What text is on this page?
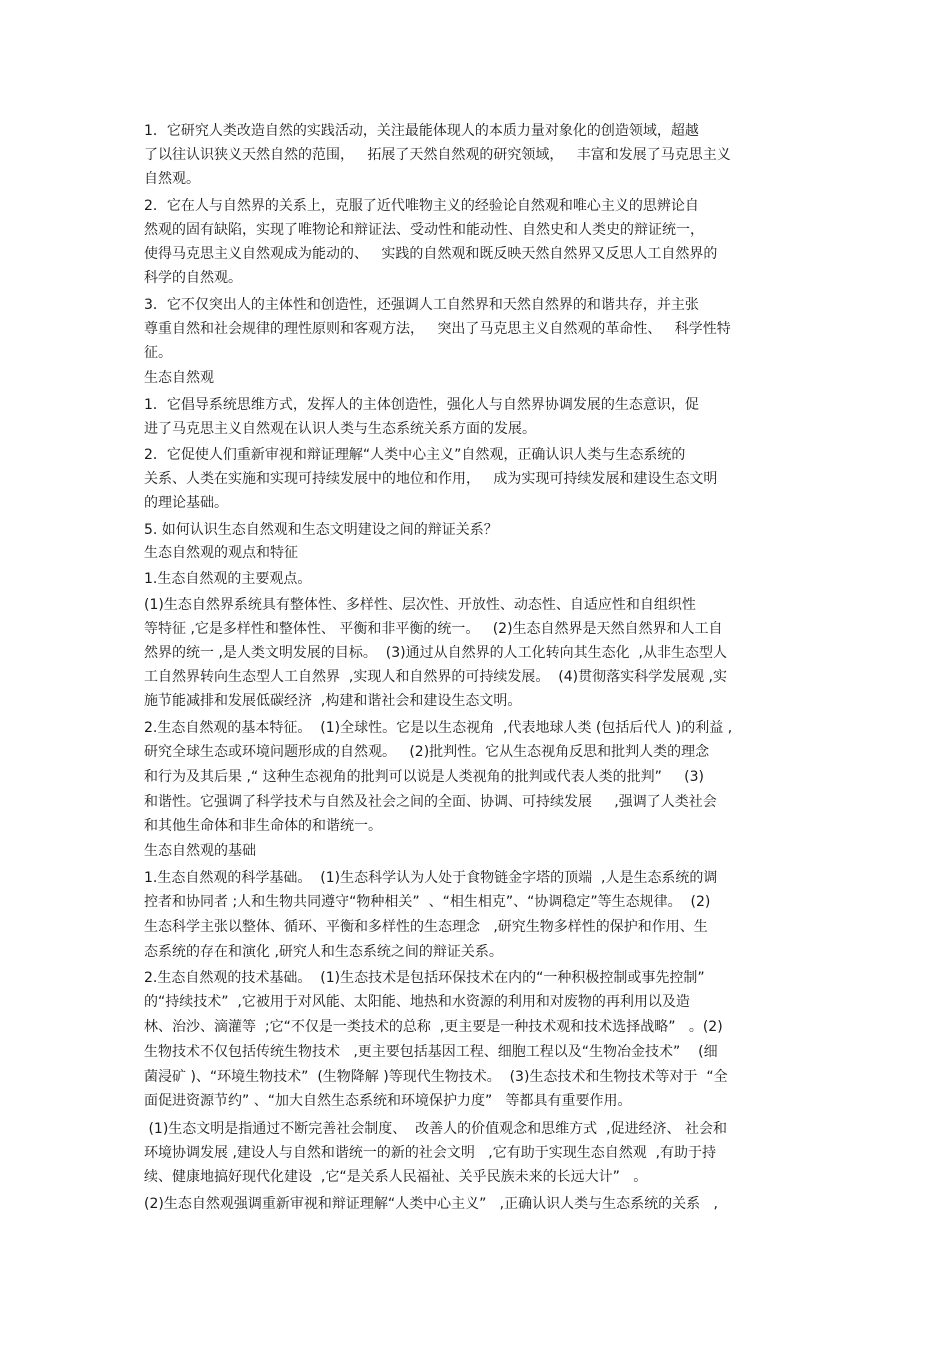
1．它研究人类改造自然的实践活动，关注最能体现人的本质力量对象化的创造领域，超越
了以往认识狭义天然自然的范围，   拓展了天然自然观的研究领域，   丰富和发展了马克思主义
自然观。
2．它在人与自然界的关系上，克服了近代唯物主义的经验论自然观和唯心主义的思辨论自
然观的固有缺陷，实现了唯物论和辩证法、受动性和能动性、自然史和人类史的辩证统一，
使得马克思主义自然观成为能动的、   实践的自然观和既反映天然自然界又反思人工自然界的
科学的自然观。
3．它不仅突出人的主体性和创造性，还强调人工自然界和天然自然界的和谐共存，并主张
尊重自然和社会规律的理性原则和客观方法，   突出了马克思主义自然观的革命性、   科学性特
征。
生态自然观
1．它倡导系统思维方式，发挥人的主体创造性，强化人与自然界协调发展的生态意识，促
进了马克思主义自然观在认识人类与生态系统关系方面的发展。
2．它促使人们重新审视和辩证理解“人类中心主义”自然观，正确认识人类与生态系统的
关系、人类在实施和实现可持续发展中的地位和作用，   成为实现可持续发展和建设生态文明
的理论基础。
5. 如何认识生态自然观和生态文明建设之间的辩证关系？
生态自然观的观点和特征
1.生态自然观的主要观点。
(1)生态自然界系统具有整体性、多样性、层次性、开放性、动态性、自适应性和自组织性
等特征 ,它是多样性和整体性、 平衡和非平衡的统一。   (2)生态自然界是天然自然界和人工自
然界的统一 ,是人类文明发展的目标。  (3)通过从自然界的人工化转向其生态化  ,从非生态型人
工自然界转向生态型人工自然界  ,实现人和自然界的可持续发展。  (4)贯彻落实科学发展观 ,实
施节能减排和发展低碳经济  ,构建和谐社会和建设生态文明。
2.生态自然观的基本特征。  (1)全球性。它是以生态视角  ,代表地球人类 (包括后代人 )的利益 ,
研究全球生态或环境问题形成的自然观。   (2)批判性。它从生态视角反思和批判人类的理念
和行为及其后果 ,“ 这种生态视角的批判可以说是人类视角的批判或代表人类的批判”     (3)
和谐性。它强调了科学技术与自然及社会之间的全面、协调、可持续发展     ,强调了人类社会
和其他生命体和非生命体的和谐统一。
生态自然观的基础
1.生态自然观的科学基础。  (1)生态科学认为人处于食物链金字塔的顶端  ,人是生态系统的调
控者和协同者 ;人和生物共同遵守“物种相关”  、“相生相克”、“协调稳定”等生态规律。  (2)
生态科学主张以整体、循环、平衡和多样性的生态理念   ,研究生物多样性的保护和作用、生
态系统的存在和演化 ,研究人和生态系统之间的辩证关系。
2.生态自然观的技术基础。  (1)生态技术是包括环保技术在内的“一种积极控制或事先控制”
的“持续技术”  ,它被用于对风能、太阳能、地热和水资源的利用和对废物的再利用以及造
林、治沙、滴灌等  ;它“不仅是一类技术的总称  ,更主要是一种技术观和技术选择战略”   。(2)
生物技术不仅包括传统生物技术   ,更主要包括基因工程、细胞工程以及“生物冶金技术”    (细
菌浸矿 )、“环境生物技术”  (生物降解 )等现代生物技术。  (3)生态技术和生物技术等对于  “全
面促进资源节约” 、“加大自然生态系统和环境保护力度”   等都具有重要作用。
(1)生态文明是指通过不断完善社会制度、  改善人的价值观念和思维方式  ,促进经济、 社会和
环境协调发展 ,建设人与自然和谐统一的新的社会文明   ,它有助于实现生态自然观  ,有助于持
续、健康地搞好现代化建设  ,它“是关系人民福祉、关乎民族未来的长远大计”   。
(2)生态自然观强调重新审视和辩证理解“人类中心主义”   ,正确认识人类与生态系统的关系   ,
